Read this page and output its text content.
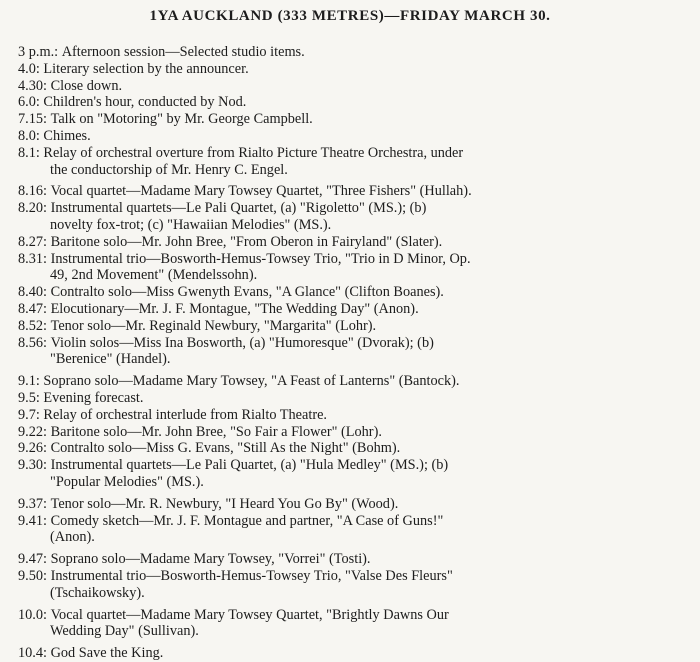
1YA AUCKLAND (333 METRES)—FRIDAY MARCH 30.
3 p.m.: Afternoon session—Selected studio items.
4.0: Literary selection by the announcer.
4.30: Close down.
6.0: Children's hour, conducted by Nod.
7.15: Talk on "Motoring" by Mr. George Campbell.
8.0: Chimes.
8.1: Relay of orchestral overture from Rialto Picture Theatre Orchestra, under
the conductorship of Mr. Henry C. Engel.
8.16: Vocal quartet—Madame Mary Towsey Quartet, "Three Fishers" (Hullah).
8.20: Instrumental quartets—Le Pali Quartet, (a) "Rigoletto" (MS.); (b)
novelty fox-trot; (c) "Hawaiian Melodies" (MS.).
8.27: Baritone solo—Mr. John Bree, "From Oberon in Fairyland" (Slater).
8.31: Instrumental trio—Bosworth-Hemus-Towsey Trio, "Trio in D Minor, Op.
49, 2nd Movement" (Mendelssohn).
8.40: Contralto solo—Miss Gwenyth Evans, "A Glance" (Clifton Boanes).
8.47: Elocutionary—Mr. J. F. Montague, "The Wedding Day" (Anon).
8.52: Tenor solo—Mr. Reginald Newbury, "Margarita" (Lohr).
8.56: Violin solos—Miss Ina Bosworth, (a) "Humoresque" (Dvorak); (b)
"Berenice" (Handel).
9.1: Soprano solo—Madame Mary Towsey, "A Feast of Lanterns" (Bantock).
9.5: Evening forecast.
9.7: Relay of orchestral interlude from Rialto Theatre.
9.22: Baritone solo—Mr. John Bree, "So Fair a Flower" (Lohr).
9.26: Contralto solo—Miss G. Evans, "Still As the Night" (Bohm).
9.30: Instrumental quartets—Le Pali Quartet, (a) "Hula Medley" (MS.); (b)
"Popular Melodies" (MS.).
9.37: Tenor solo—Mr. R. Newbury, "I Heard You Go By" (Wood).
9.41: Comedy sketch—Mr. J. F. Montague and partner, "A Case of Guns!"
(Anon).
9.47: Soprano solo—Madame Mary Towsey, "Vorrei" (Tosti).
9.50: Instrumental trio—Bosworth-Hemus-Towsey Trio, "Valse Des Fleurs"
(Tschaikowsky).
10.0: Vocal quartet—Madame Mary Towsey Quartet, "Brightly Dawns Our
Wedding Day" (Sullivan).
10.4: God Save the King.
